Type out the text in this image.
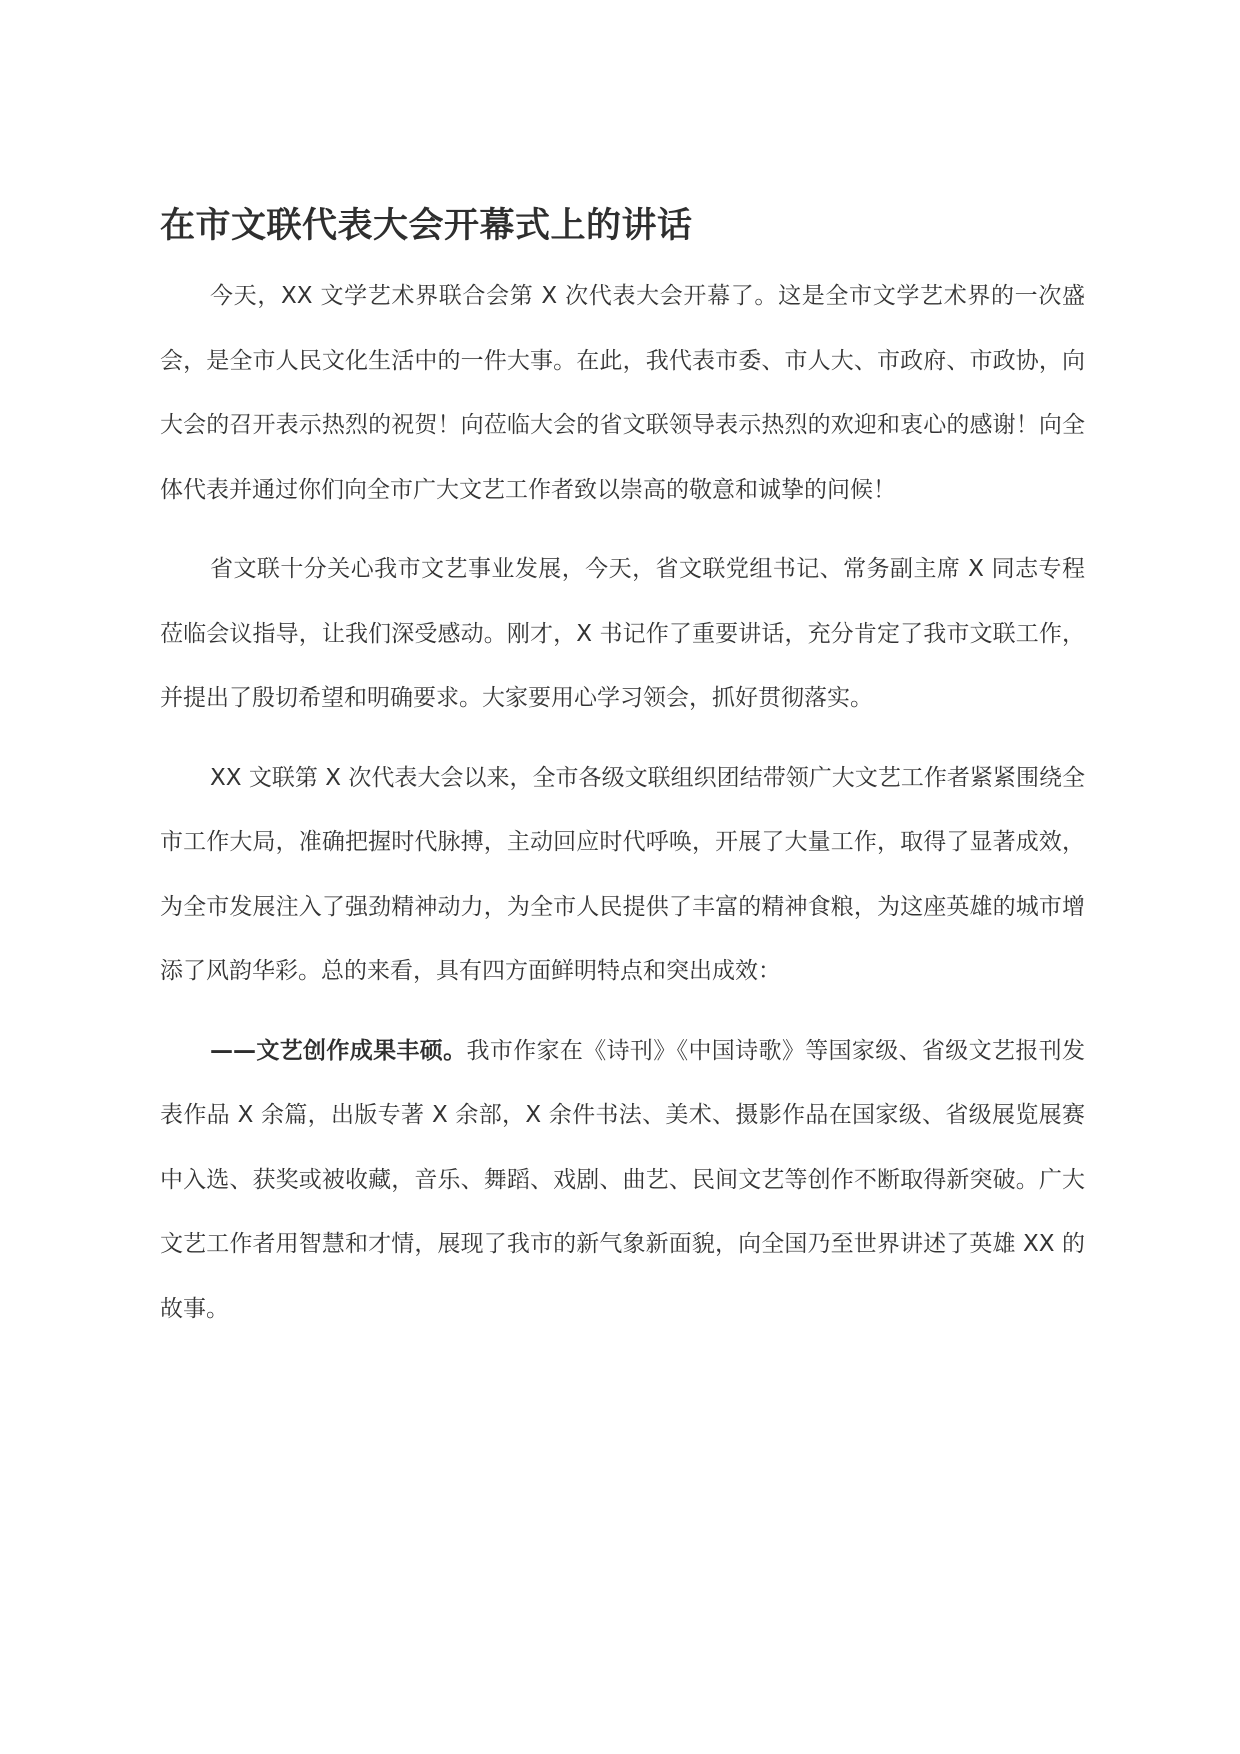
在市文联代表大会开幕式上的讲话

今天，XX 文学艺术界联合会第 X 次代表大会开幕了。这是全市文学艺术界的一次盛会，是全市人民文化生活中的一件大事。在此，我代表市委、市人大、市政府、市政协，向大会的召开表示热烈的祝贺！向莅临大会的省文联领导表示热烈的欢迎和衷心的感谢！向全体代表并通过你们向全市广大文艺工作者致以崇高的敬意和诚挚的问候！

省文联十分关心我市文艺事业发展，今天，省文联党组书记、常务副主席 X 同志专程莅临会议指导，让我们深受感动。刚才，X 书记作了重要讲话，充分肯定了我市文联工作，并提出了殷切希望和明确要求。大家要用心学习领会，抓好贯彻落实。

XX 文联第 X 次代表大会以来，全市各级文联组织团结带领广大文艺工作者紧紧围绕全市工作大局，准确把握时代脉搏，主动回应时代呼唤，开展了大量工作，取得了显著成效，为全市发展注入了强劲精神动力，为全市人民提供了丰富的精神食粮，为这座英雄的城市增添了风韵华彩。总的来看，具有四方面鲜明特点和突出成效：

——文艺创作成果丰硕。我市作家在《诗刊》《中国诗歌》等国家级、省级文艺报刊发表作品 X 余篇，出版专著 X 余部，X 余件书法、美术、摄影作品在国家级、省级展览展赛中入选、获奖或被收藏，音乐、舞蹈、戏剧、曲艺、民间文艺等创作不断取得新突破。广大文艺工作者用智慧和才情，展现了我市的新气象新面貌，向全国乃至世界讲述了英雄 XX 的故事。
